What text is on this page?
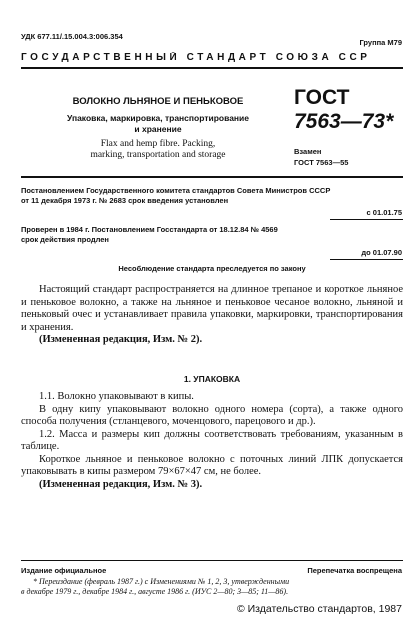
УДК 677.11/.15.004.3:006.354
Группа М79
ГОСУДАРСТВЕННЫЙ СТАНДАРТ СОЮЗА ССР
ВОЛОКНО ЛЬНЯНОЕ И ПЕНЬКОВОЕ
Упаковка, маркировка, транспортирование
и хранение
Flax and hemp fibre. Packing,
marking, transportation and storage
ГОСТ
7563—73*
Взамен
ГОСТ 7563—55
Постановлением Государственного комитета стандартов Совета Министров СССР
от 11 декабря 1973 г. № 2683 срок введения установлен
с 01.01.75
Проверен в 1984 г. Постановлением Госстандарта от 18.12.84 № 4569
срок действия продлен
до 01.07.90
Несоблюдение стандарта преследуется по закону

Настоящий стандарт распространяется на длинное трепаное и короткое льняное и пеньковое волокно, а также на льняное и пеньковое чесаное волокно, льняной и пеньковый очес и устанавливает правила упаковки, маркировки, транспортирования и хранения.

(Измененная редакция, Изм. № 2).

1. УПАКОВКА

1.1. Волокно упаковывают в кипы.

В одну кипу упаковывают волокно одного номера (сорта), а также одного способа получения (стланцевого, моченцового, парецового и др.).

1.2. Масса и размеры кип должны соответствовать требованиям, указанным в таблице.

Короткое льняное и пеньковое волокно с поточных линий ЛПК допускается упаковывать в кипы размером 79×67×47 см, не более.

(Измененная редакция, Изм. № 3).

Издание официальное	Перепечатка воспрещена
* Переиздание (февраль 1987 г.) с Изменениями № 1, 2, 3, утвержденными
в декабре 1979 г., декабре 1984 г., августе 1986 г. (ИУС 2—80; 3—85; 11—86).
© Издательство стандартов, 1987
